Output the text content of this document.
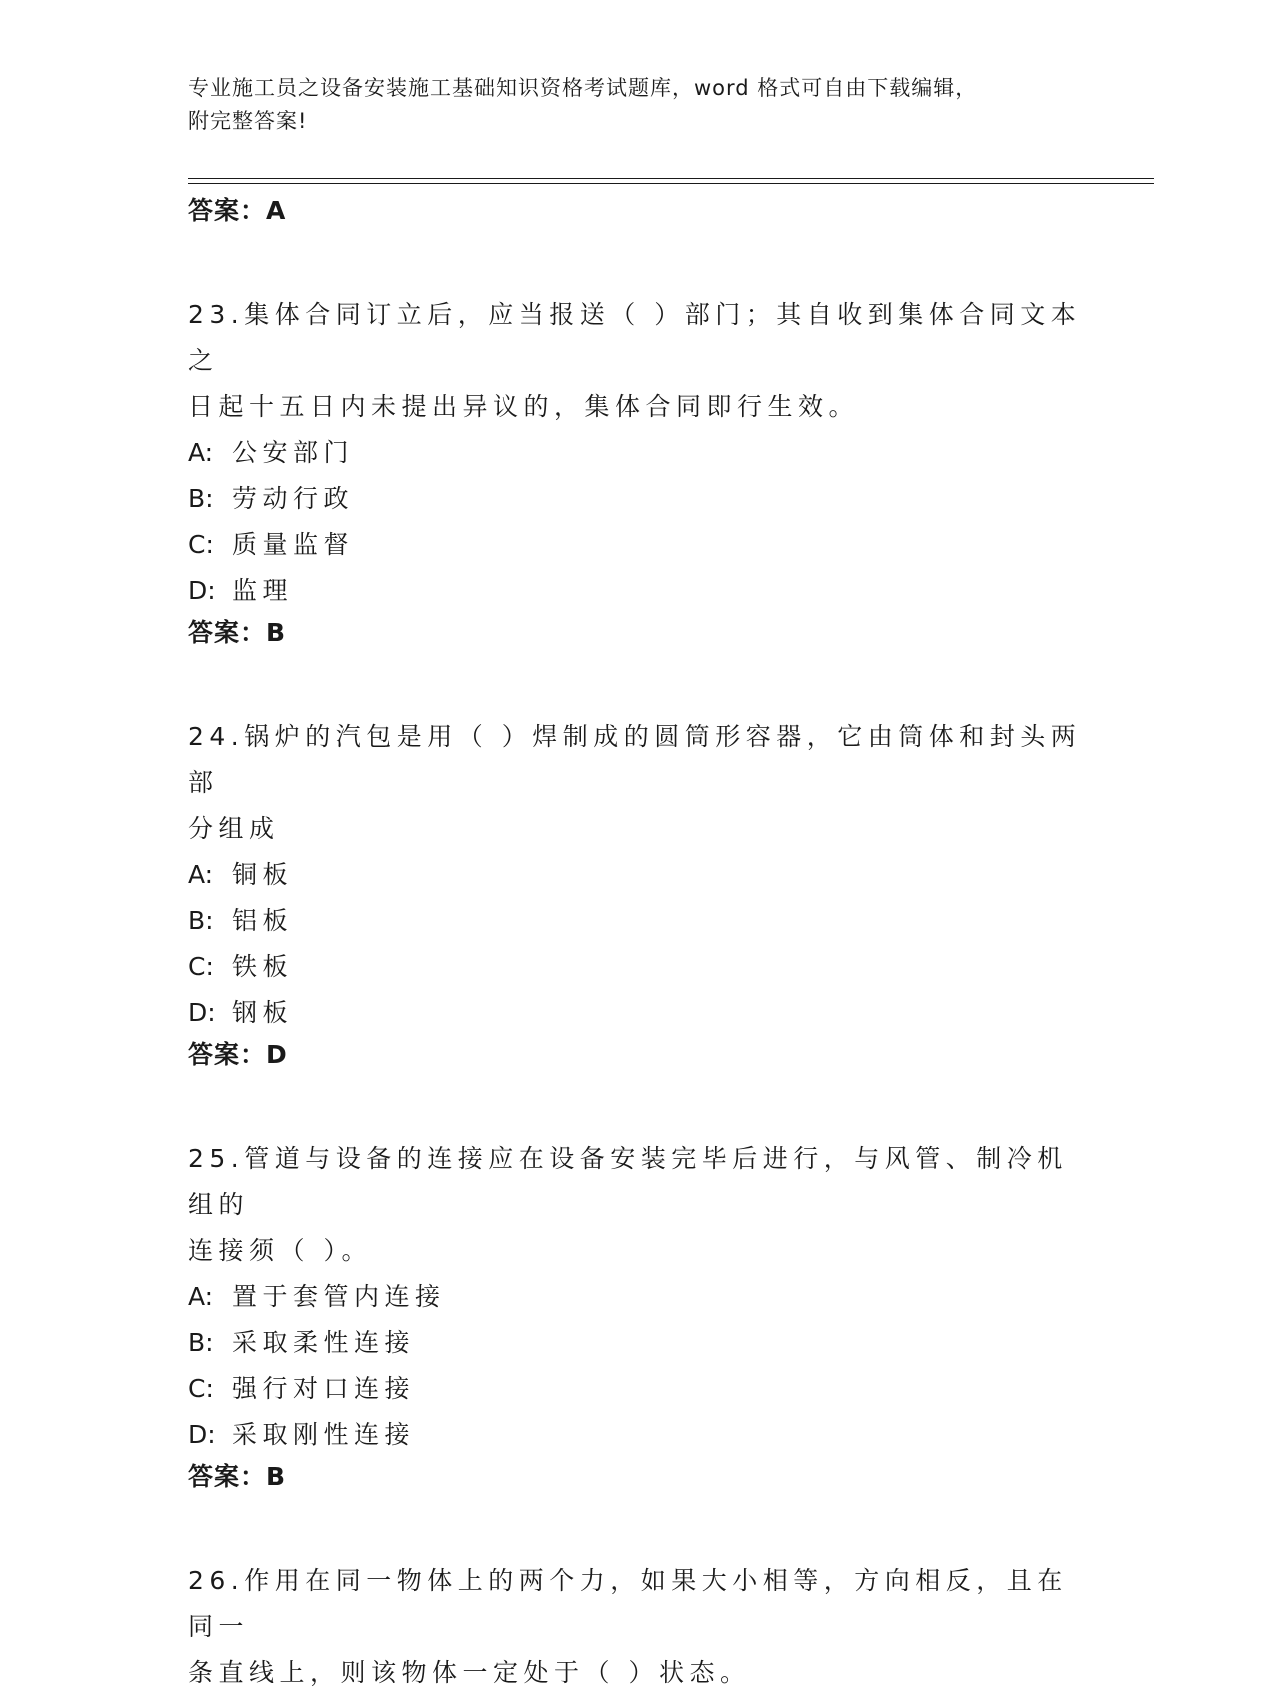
专业施工员之设备安装施工基础知识资格考试题库，word 格式可自由下载编辑，
附完整答案!
答案：A
23.集体合同订立后，应当报送（ ）部门；其自收到集体合同文本之
日起十五日内未提出异议的，集体合同即行生效。
A: 公安部门
B: 劳动行政
C: 质量监督
D: 监理
答案：B
24.锅炉的汽包是用（ ）焊制成的圆筒形容器，它由筒体和封头两部
分组成
A: 铜板
B: 铝板
C: 铁板
D: 钢板
答案：D
25.管道与设备的连接应在设备安装完毕后进行，与风管、制冷机组的
连接须（ ）。
A: 置于套管内连接
B: 采取柔性连接
C: 强行对口连接
D: 采取刚性连接
答案：B
26.作用在同一物体上的两个力，如果大小相等，方向相反，且在同一
条直线上，则该物体一定处于（ ）状态。
